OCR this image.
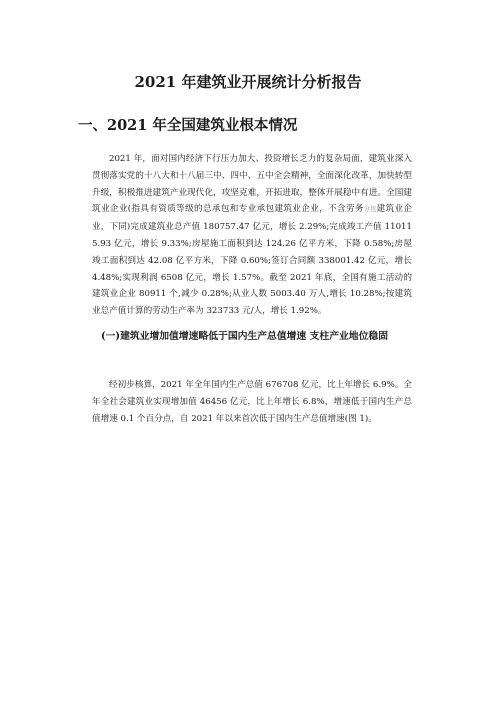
2021 年建筑业开展统计分析报告
一、2021 年全国建筑业根本情况

2021 年，面对国内经济下行压力加大、投资增长乏力的复杂局面，建筑业深入贯彻落实党的十八大和十八届三中、四中、五中全会精神，全面深化改革，加快转型升级，积极推进建筑产业现代化，攻坚克难，开拓进取，整体开展稳中有进。全国建筑业企业(指具有资质等级的总承包和专业承包建筑业企业，不含劳务分包建筑业企业，下同)完成建筑业总产值 180757.47 亿元，增长 2.29%;完成竣工产值 110115.93 亿元，增长 9.33%;房屋施工面积到达 124.26 亿平方米，下降 0.58%;房屋竣工面积到达 42.08 亿平方米，下降 0.60%;签订合同额 338001.42 亿元，增长 4.48%;实现利润 6508 亿元，增长 1.57%。截至 2021 年底，全国有施工活动的建筑业企业 80911 个,减少 0.28%;从业人数 5003.40 万人,增长 10.28%;按建筑业总产值计算的劳动生产率为 323733 元/人，增长 1.92%。

(一)建筑业增加值增速略低于国内生产总值增速 支柱产业地位稳固

经初步核算，2021 年全年国内生产总值 676708 亿元，比上年增长 6.9%。全年全社会建筑业实现增加值 46456 亿元，比上年增长 6.8%，增速低于国内生产总值增速 0.1 个百分点，自 2021 年以来首次低于国内生产总值增速(图 1)。
